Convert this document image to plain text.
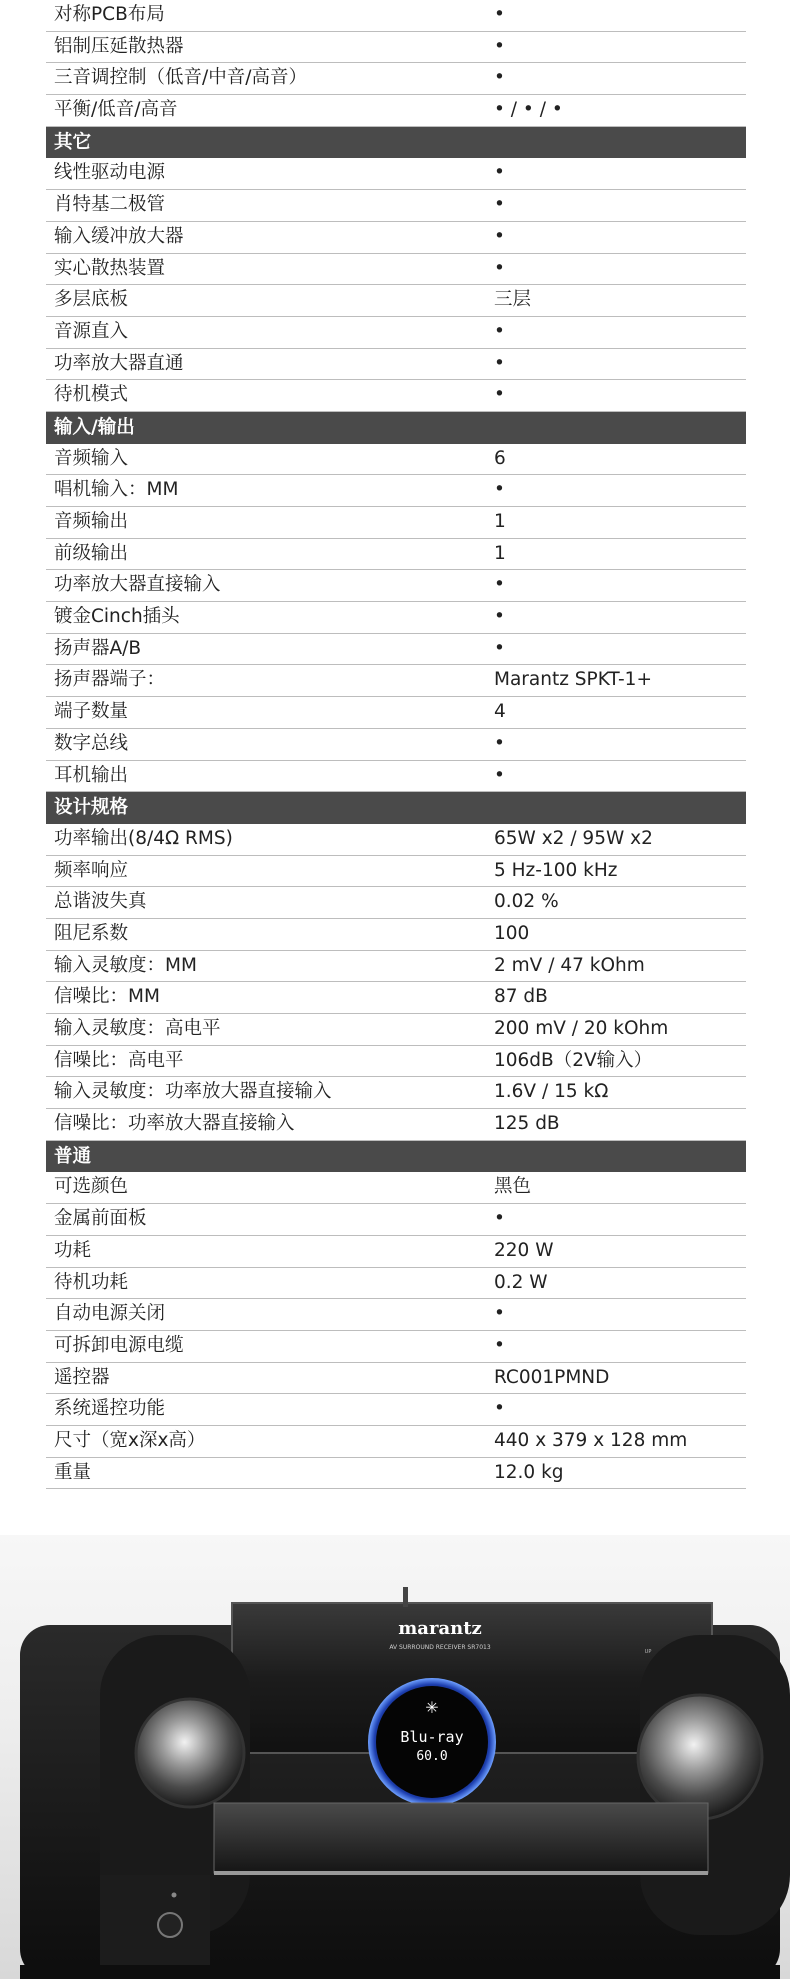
对称PCB布局	•
铝制压延散热器	•
三音调控制（低音/中音/高音）	•
平衡/低音/高音	• / • / •
其它
线性驱动电源	•
肖特基二极管	•
输入缓冲放大器	•
实心散热装置	•
多层底板	三层
音源直入	•
功率放大器直通	•
待机模式	•
输入/输出
音频输入	6
唱机输入：MM	•
音频输出	1
前级输出	1
功率放大器直接输入	•
镀金Cinch插头	•
扬声器A/B	•
扬声器端子：	Marantz SPKT-1+
端子数量	4
数字总线	•
耳机输出	•
设计规格
功率输出(8/4Ω RMS)	65W x2 / 95W x2
频率响应	5 Hz-100 kHz
总谐波失真	0.02 %
阻尼系数	100
输入灵敏度：MM	2 mV / 47 kOhm
信噪比：MM	87 dB
输入灵敏度：高电平	200 mV / 20 kOhm
信噪比：高电平	106dB（2V输入）
输入灵敏度：功率放大器直接输入	1.6V / 15 kΩ
信噪比：功率放大器直接输入	125 dB
普通
可选颜色	黑色
金属前面板	•
功耗	220 W
待机功耗	0.2 W
自动电源关闭	•
可拆卸电源电缆	•
遥控器	RC001PMND
系统遥控功能	•
尺寸（宽x深x高）	440 x 379 x 128 mm
重量	12.0 kg
✳
Blu-ray
60.0
marantz
AV SURROUND RECEIVER SR7013
UP
